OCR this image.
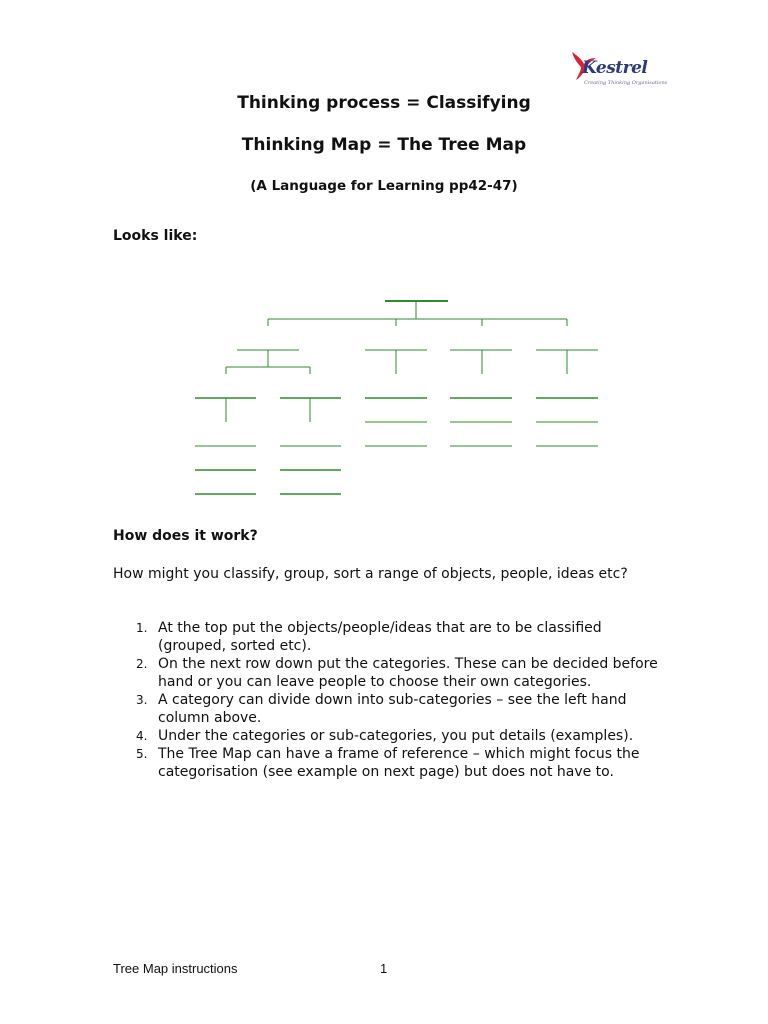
Kestrel
Creating Thinking Organisations
Thinking process = Classifying
Thinking Map = The Tree Map
(A Language for Learning pp42-47)
Looks like:
How does it work?
How might you classify, group, sort a range of objects, people, ideas etc?
1. At the top put the objects/people/ideas that are to be classified (grouped, sorted etc).
2. On the next row down put the categories. These can be decided before hand or you can leave people to choose their own categories.
3. A category can divide down into sub-categories – see the left hand column above.
4. Under the categories or sub-categories, you put details (examples).
5. The Tree Map can have a frame of reference – which might focus the categorisation (see example on next page) but does not have to.
Tree Map instructions	1
